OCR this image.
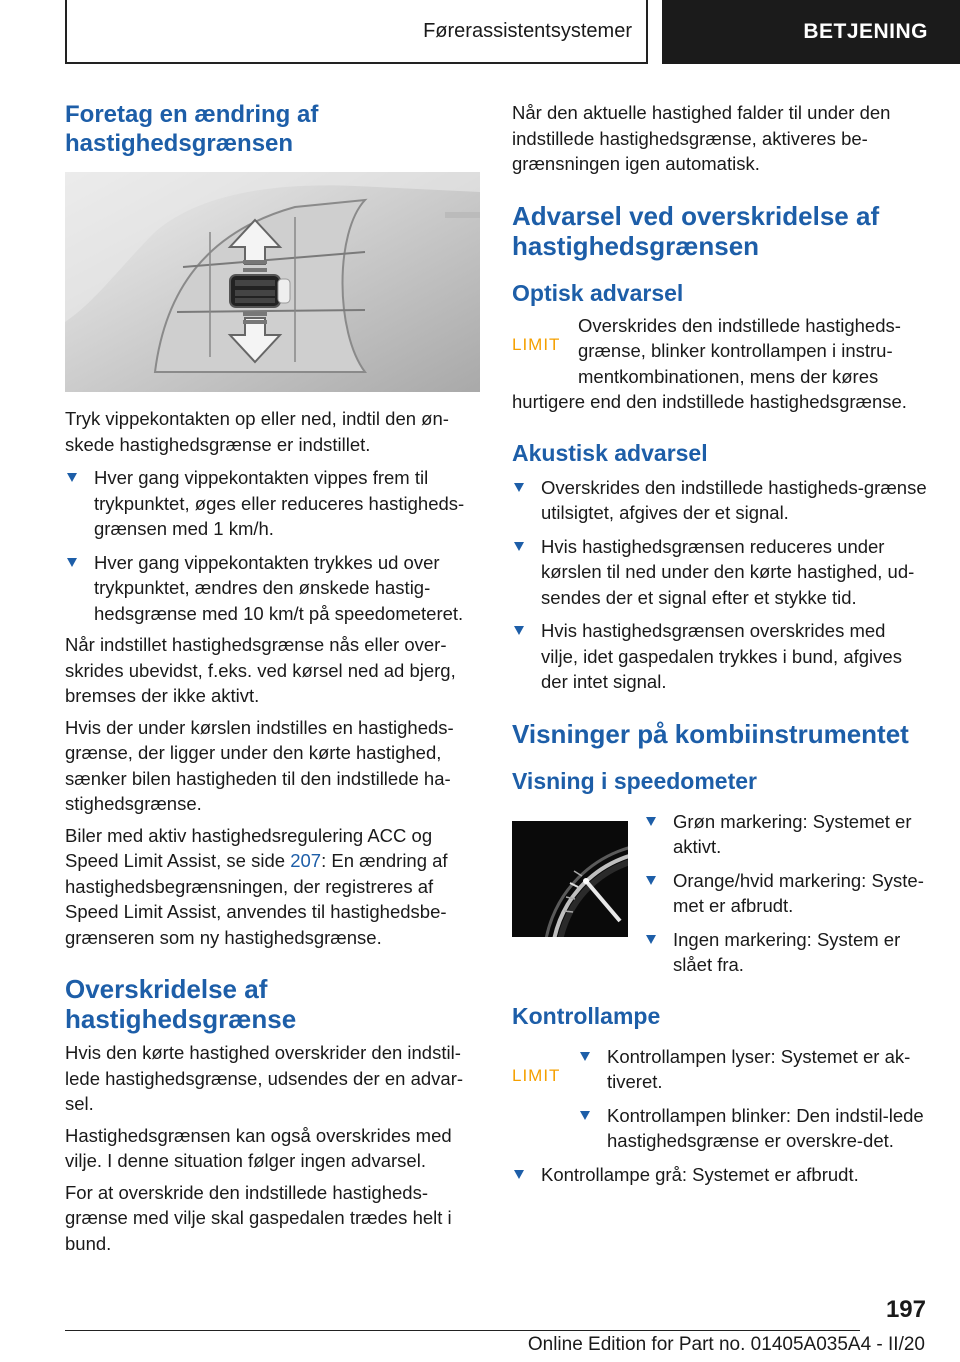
Førerassistentsystemer	BETJENING
Foretag en ændring af hastighedsgrænsen

Tryk vippekontakten op eller ned, indtil den øn-skede hastighedsgrænse er indstillet.

Hver gang vippekontakten vippes frem til trykpunktet, øges eller reduceres hastigheds-grænsen med 1 km/h.
Hver gang vippekontakten trykkes ud over trykpunktet, ændres den ønskede hastig-hedsgrænse med 10 km/t på speedometeret.

Når indstillet hastighedsgrænse nås eller over-skrides ubevidst, f.eks. ved kørsel ned ad bjerg, bremses der ikke aktivt.

Hvis der under kørslen indstilles en hastigheds-grænse, der ligger under den kørte hastighed, sænker bilen hastigheden til den indstillede ha-stighedsgrænse.

Biler med aktiv hastighedsregulering ACC og Speed Limit Assist, se side 207: En ændring af hastighedsbegrænsningen, der registreres af Speed Limit Assist, anvendes til hastighedsbe-grænseren som ny hastighedsgrænse.

Overskridelse af hastighedsgrænse

Hvis den kørte hastighed overskrider den indstil-lede hastighedsgrænse, udsendes der en advar-sel.

Hastighedsgrænsen kan også overskrides med vilje. I denne situation følger ingen advarsel.

For at overskride den indstillede hastigheds-grænse med vilje skal gaspedalen trædes helt i bund.

Når den aktuelle hastighed falder til under den indstillede hastighedsgrænse, aktiveres be-grænsningen igen automatisk.

Advarsel ved overskridelse af hastighedsgrænsen
Optisk advarsel
LIMIT

Overskrides den indstillede hastigheds-grænse, blinker kontrollampen i instru-mentkombinationen, mens der køres

hurtigere end den indstillede hastighedsgrænse.

Akustisk advarsel
Overskrides den indstillede hastigheds-grænse utilsigtet, afgives der et signal.
Hvis hastighedsgrænsen reduceres under kørslen til ned under den kørte hastighed, ud-sendes der et signal efter et stykke tid.
Hvis hastighedsgrænsen overskrides med vilje, idet gaspedalen trykkes i bund, afgives der intet signal.
Visninger på kombiinstrumentet
Visning i speedometer
Grøn markering: Systemet er aktivt.
Orange/hvid markering: Syste-met er afbrudt.
Ingen markering: System er slået fra.
Kontrollampe
LIMIT
Kontrollampen lyser: Systemet er ak-tiveret.
Kontrollampen blinker: Den indstil-lede hastighedsgrænse er overskre-det.
Kontrollampe grå: Systemet er afbrudt.
197
Online Edition for Part no. 01405A035A4 - II/20
